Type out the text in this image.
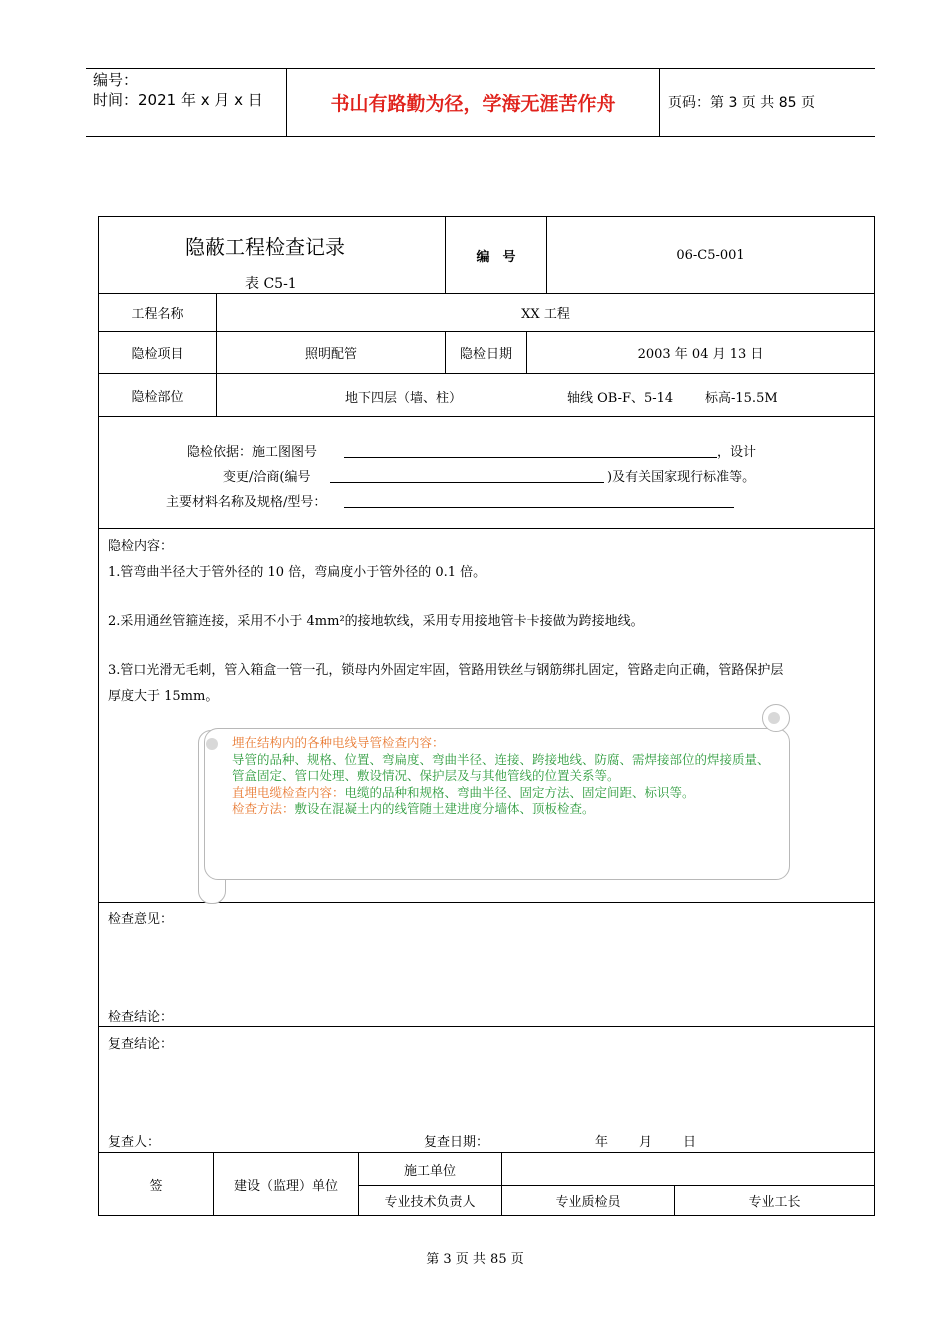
编号：
时间：2021 年 x 月 x 日	书山有路勤为径，学海无涯苦作舟	页码：第 3 页 共 85 页
隐蔽工程检查记录
表 C5-1
编　号	06-C5-001
工程名称	XX 工程
隐检项目	照明配管	隐检日期	2003 年 04 月 13 日
隐检部位	地下四层（墙、柱）	轴线 OB-F、5-14 标高-15.5M
隐检依据：施工图图号	，设计
变更/洽商(编号	)及有关国家现行标准等。
主要材料名称及规格/型号：
隐检内容：
1.管弯曲半径大于管外径的 10 倍，弯扁度小于管外径的 0.1 倍。
2.采用通丝管箍连接，采用不小于 4mm²的接地软线，采用专用接地管卡卡接做为跨接地线。
3.管口光滑无毛刺，管入箱盒一管一孔，锁母内外固定牢固，管路用铁丝与钢筋绑扎固定，管路走向正确，管路保护层
厚度大于 15mm。
检查意见：
检查结论：
复查结论：
复查人：	复查日期：	年 月 日
签	建设（监理）单位
施工单位
专业技术负责人	专业质检员	专业工长
埋在结构内的各种电线导管检查内容：
导管的品种、规格、位置、弯扁度、弯曲半径、连接、跨接地线、防腐、需焊接部位的焊接质量、管盒固定、管口处理、敷设情况、保护层及与其他管线的位置关系等。
直埋电缆检查内容：电缆的品种和规格、弯曲半径、固定方法、固定间距、标识等。
检查方法：敷设在混凝土内的线管随土建进度分墙体、顶板检查。
第 3 页 共 85 页
